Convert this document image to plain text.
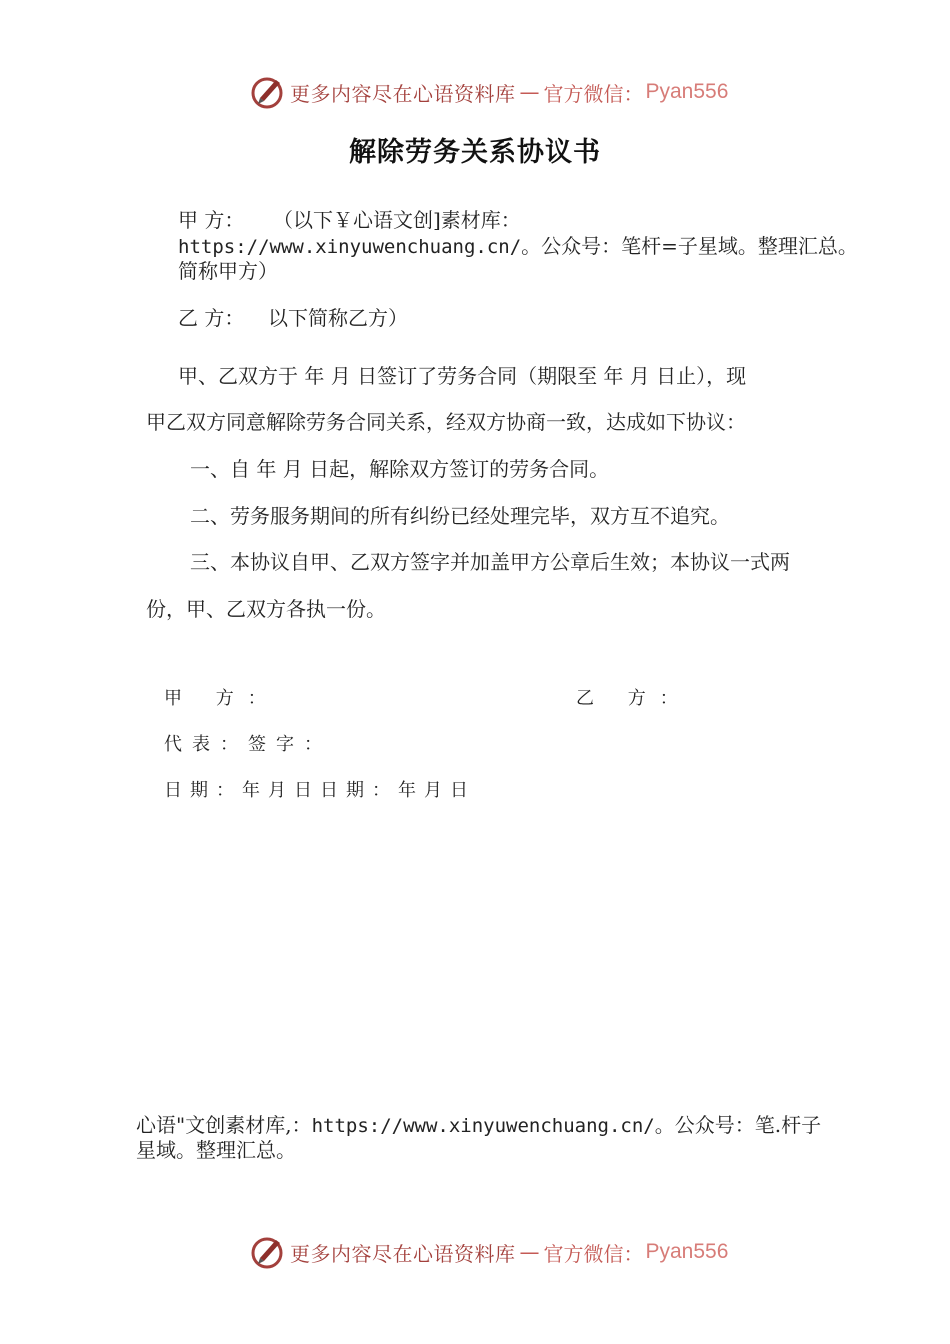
更多内容尽在心语资料库 — 官方微信： Pyan556
解除劳务关系协议书
甲 方： （以下￥心语文创]素材库：
https://www.xinyuwenchuang.cn/。公众号：笔杆=子星域。整理汇总。
简称甲方）
乙 方： 以下简称乙方）
甲、乙双方于 年 月 日签订了劳务合同（期限至 年 月 日止），现
甲乙双方同意解除劳务合同关系，经双方协商一致，达成如下协议：
一、自 年 月 日起，解除双方签订的劳务合同。
二、劳务服务期间的所有纠纷已经处理完毕，双方互不追究。
三、本协议自甲、乙双方签字并加盖甲方公章后生效；本协议一式两
份，甲、乙双方各执一份。
甲 方：	乙 方：
代表：签字：
日期：年月日日期：年月日
心语"文创素材库,：https://www.xinyuwenchuang.cn/。公众号：笔.杆子
星域。整理汇总。
更多内容尽在心语资料库 — 官方微信： Pyan556
